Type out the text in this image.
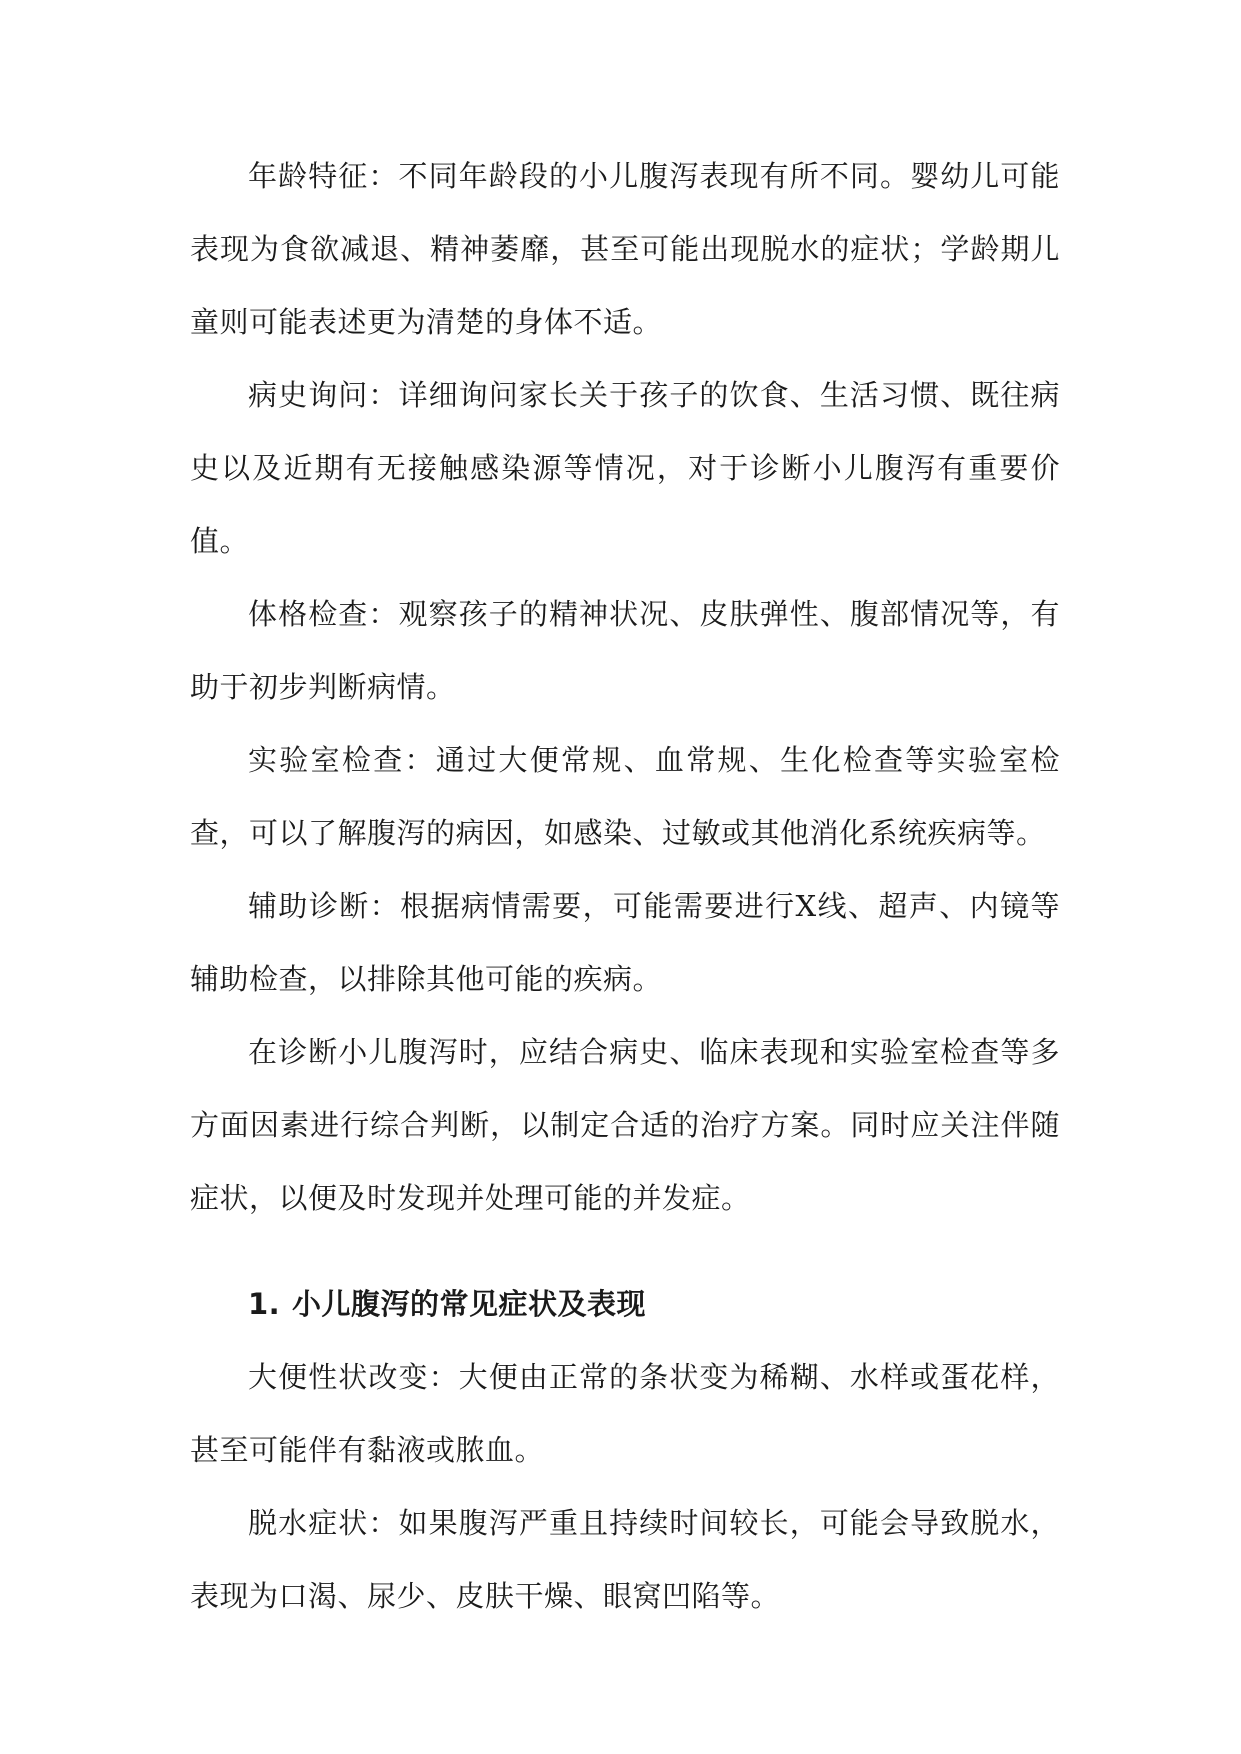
年龄特征：不同年龄段的小儿腹泻表现有所不同。婴幼儿可能表现为食欲减退、精神萎靡，甚至可能出现脱水的症状；学龄期儿童则可能表述更为清楚的身体不适。

病史询问：详细询问家长关于孩子的饮食、生活习惯、既往病史以及近期有无接触感染源等情况，对于诊断小儿腹泻有重要价值。

体格检查：观察孩子的精神状况、皮肤弹性、腹部情况等，有助于初步判断病情。

实验室检查：通过大便常规、血常规、生化检查等实验室检查，可以了解腹泻的病因，如感染、过敏或其他消化系统疾病等。

辅助诊断：根据病情需要，可能需要进行X线、超声、内镜等辅助检查，以排除其他可能的疾病。

在诊断小儿腹泻时，应结合病史、临床表现和实验室检查等多方面因素进行综合判断，以制定合适的治疗方案。同时应关注伴随症状，以便及时发现并处理可能的并发症。

1. 小儿腹泻的常见症状及表现

大便性状改变：大便由正常的条状变为稀糊、水样或蛋花样，甚至可能伴有黏液或脓血。

脱水症状：如果腹泻严重且持续时间较长，可能会导致脱水，表现为口渴、尿少、皮肤干燥、眼窝凹陷等。
